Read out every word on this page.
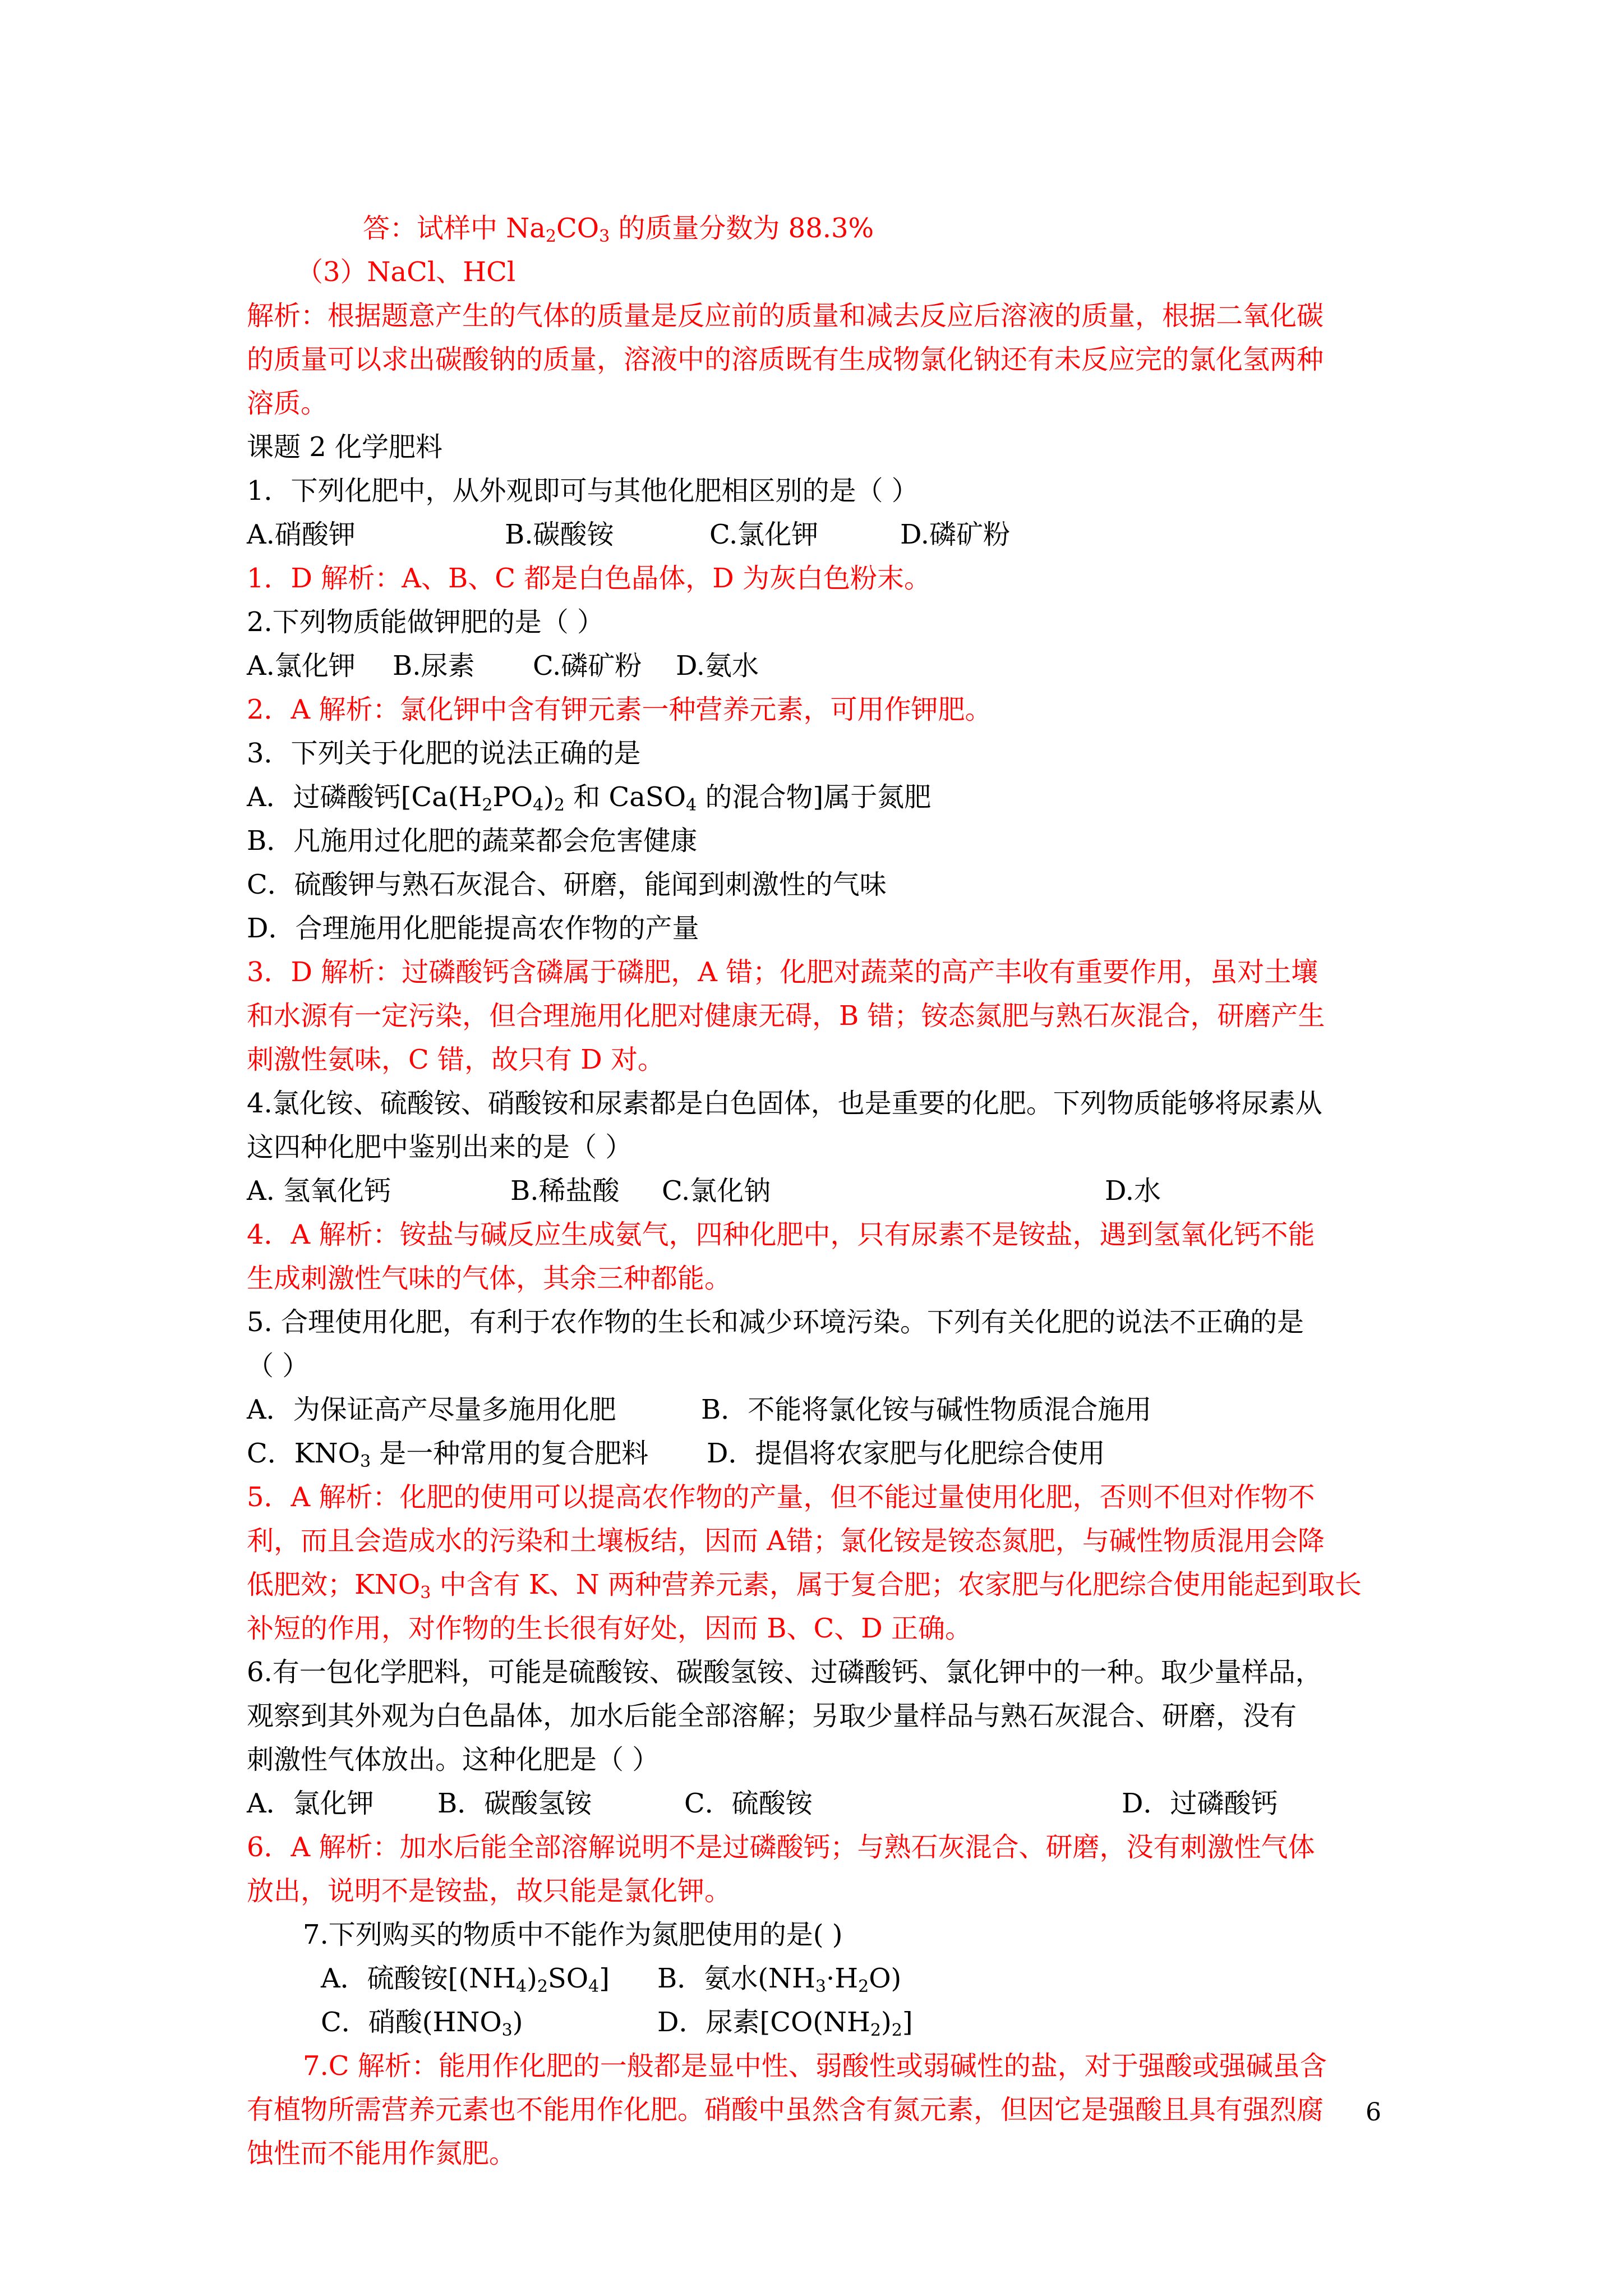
答：试样中 $Na_2CO_3$ 的质量分数为 88.3%
（3）NaCl、HCl
解析：根据题意产生的气体的质量是反应前的质量和减去反应后溶液的质量，根据二氧化碳
的质量可以求出碳酸钠的质量，溶液中的溶质既有生成物氯化钠还有未反应完的氯化氢两种
溶质。
课题 2 化学肥料
1．下列化肥中，从外观即可与其他化肥相区别的是（ ）
A.硝酸钾	B.碳酸铵	C.氯化钾	D.磷矿粉
1．D 解析：A、B、C 都是白色晶体，D 为灰白色粉末。
2.下列物质能做钾肥的是（ ）
A.氯化钾 B.尿素 C.磷矿粉 D.氨水
2．A 解析：氯化钾中含有钾元素一种营养元素，可用作钾肥。
3．下列关于化肥的说法正确的是
A．过磷酸钙[$Ca(H_2PO_4)_2$ 和 CaSO$_4$ 的混合物]属于氮肥
B．凡施用过化肥的蔬菜都会危害健康
C．硫酸钾与熟石灰混合、研磨，能闻到刺激性的气味
D．合理施用化肥能提高农作物的产量
3．D 解析：过磷酸钙含磷属于磷肥，A 错；化肥对蔬菜的高产丰收有重要作用，虽对土壤
和水源有一定污染，但合理施用化肥对健康无碍，B 错；铵态氮肥与熟石灰混合，研磨产生
刺激性氨味，C 错，故只有 D 对。
4.氯化铵、硫酸铵、硝酸铵和尿素都是白色固体，也是重要的化肥。下列物质能够将尿素从
这四种化肥中鉴别出来的是（ ）
A. 氢氧化钙	B.稀盐酸 C.氯化钠	D.水
4．A 解析：铵盐与碱反应生成氨气，四种化肥中，只有尿素不是铵盐，遇到氢氧化钙不能
生成刺激性气味的气体，其余三种都能。
5. 合理使用化肥，有利于农作物的生长和减少环境污染。下列有关化肥的说法不正确的是
（ ）
A．为保证高产尽量多施用化肥	B．不能将氯化铵与碱性物质混合施用
C．$KNO_3$ 是一种常用的复合肥料 D．提倡将农家肥与化肥综合使用
5．A 解析：化肥的使用可以提高农作物的产量，但不能过量使用化肥，否则不但对作物不
利，而且会造成水的污染和土壤板结，因而 A错；氯化铵是铵态氮肥，与碱性物质混用会降
低肥效；$KNO_3$ 中含有 K、N 两种营养元素，属于复合肥；农家肥与化肥综合使用能起到取长
补短的作用，对作物的生长很有好处，因而 B、C、D 正确。
6.有一包化学肥料，可能是硫酸铵、碳酸氢铵、过磷酸钙、氯化钾中的一种。取少量样品，
观察到其外观为白色晶体，加水后能全部溶解；另取少量样品与熟石灰混合、研磨，没有
刺激性气体放出。这种化肥是（ ）
A．氯化钾 B．碳酸氢铵	C．硫酸铵	D．过磷酸钙
6．A 解析：加水后能全部溶解说明不是过磷酸钙；与熟石灰混合、研磨，没有刺激性气体
放出，说明不是铵盐，故只能是氯化钾。
7.下列购买的物质中不能作为氮肥使用的是( )
A．硫酸铵$[(NH_4)_2SO_4]$ B．氨水$(NH_3\cdot H_2O)$
C．硝酸$(HNO_3)$	D．尿素$[CO(NH_2)_2]$
7.C 解析：能用作化肥的一般都是显中性、弱酸性或弱碱性的盐，对于强酸或强碱虽含
有植物所需营养元素也不能用作化肥。硝酸中虽然含有氮元素，但因它是强酸且具有强烈腐
蚀性而不能用作氮肥。
6
